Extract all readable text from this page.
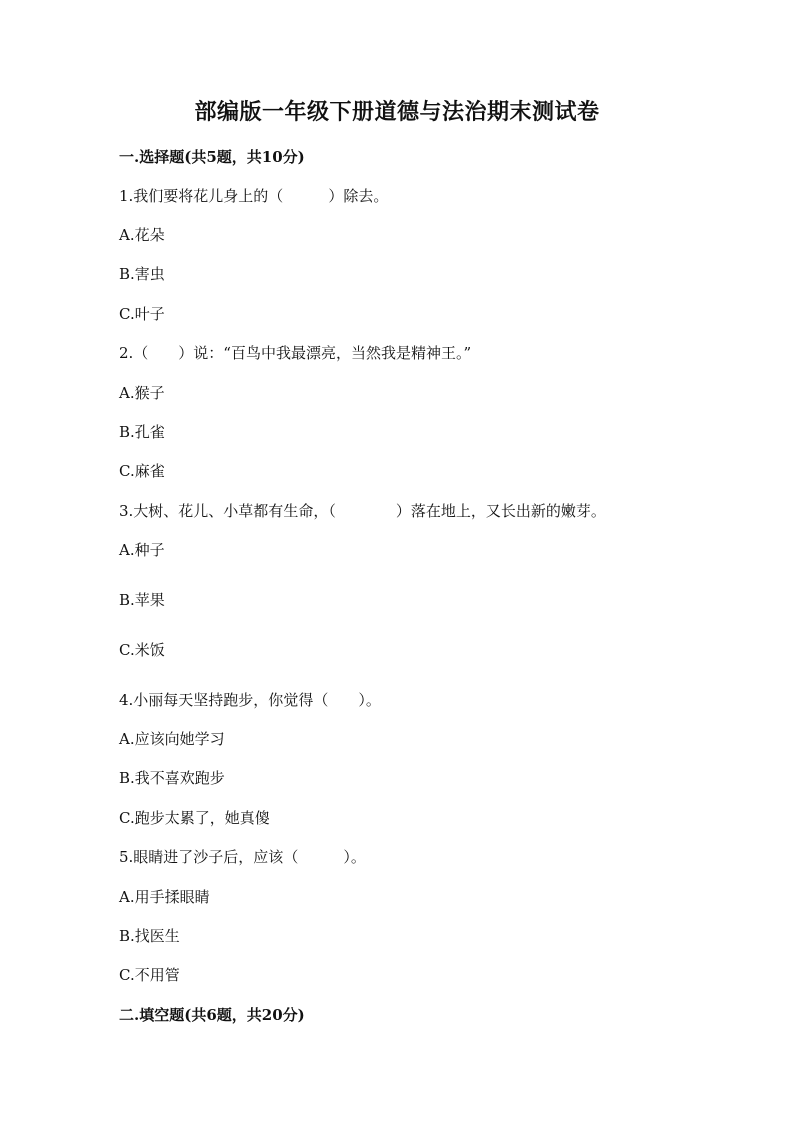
部编版一年级下册道德与法治期末测试卷
一.选择题(共5题，共10分)
1.我们要将花儿身上的（　　　）除去。
A.花朵
B.害虫
C.叶子
2.（　　）说：“百鸟中我最漂亮，当然我是精神王。”
A.猴子
B.孔雀
C.麻雀
3.大树、花儿、小草都有生命，（　　　　）落在地上，又长出新的嫩芽。
A.种子
B.苹果
C.米饭
4.小丽每天坚持跑步，你觉得（　　）。
A.应该向她学习
B.我不喜欢跑步
C.跑步太累了，她真傻
5.眼睛进了沙子后，应该（　　　）。
A.用手揉眼睛
B.找医生
C.不用管
二.填空题(共6题，共20分)
